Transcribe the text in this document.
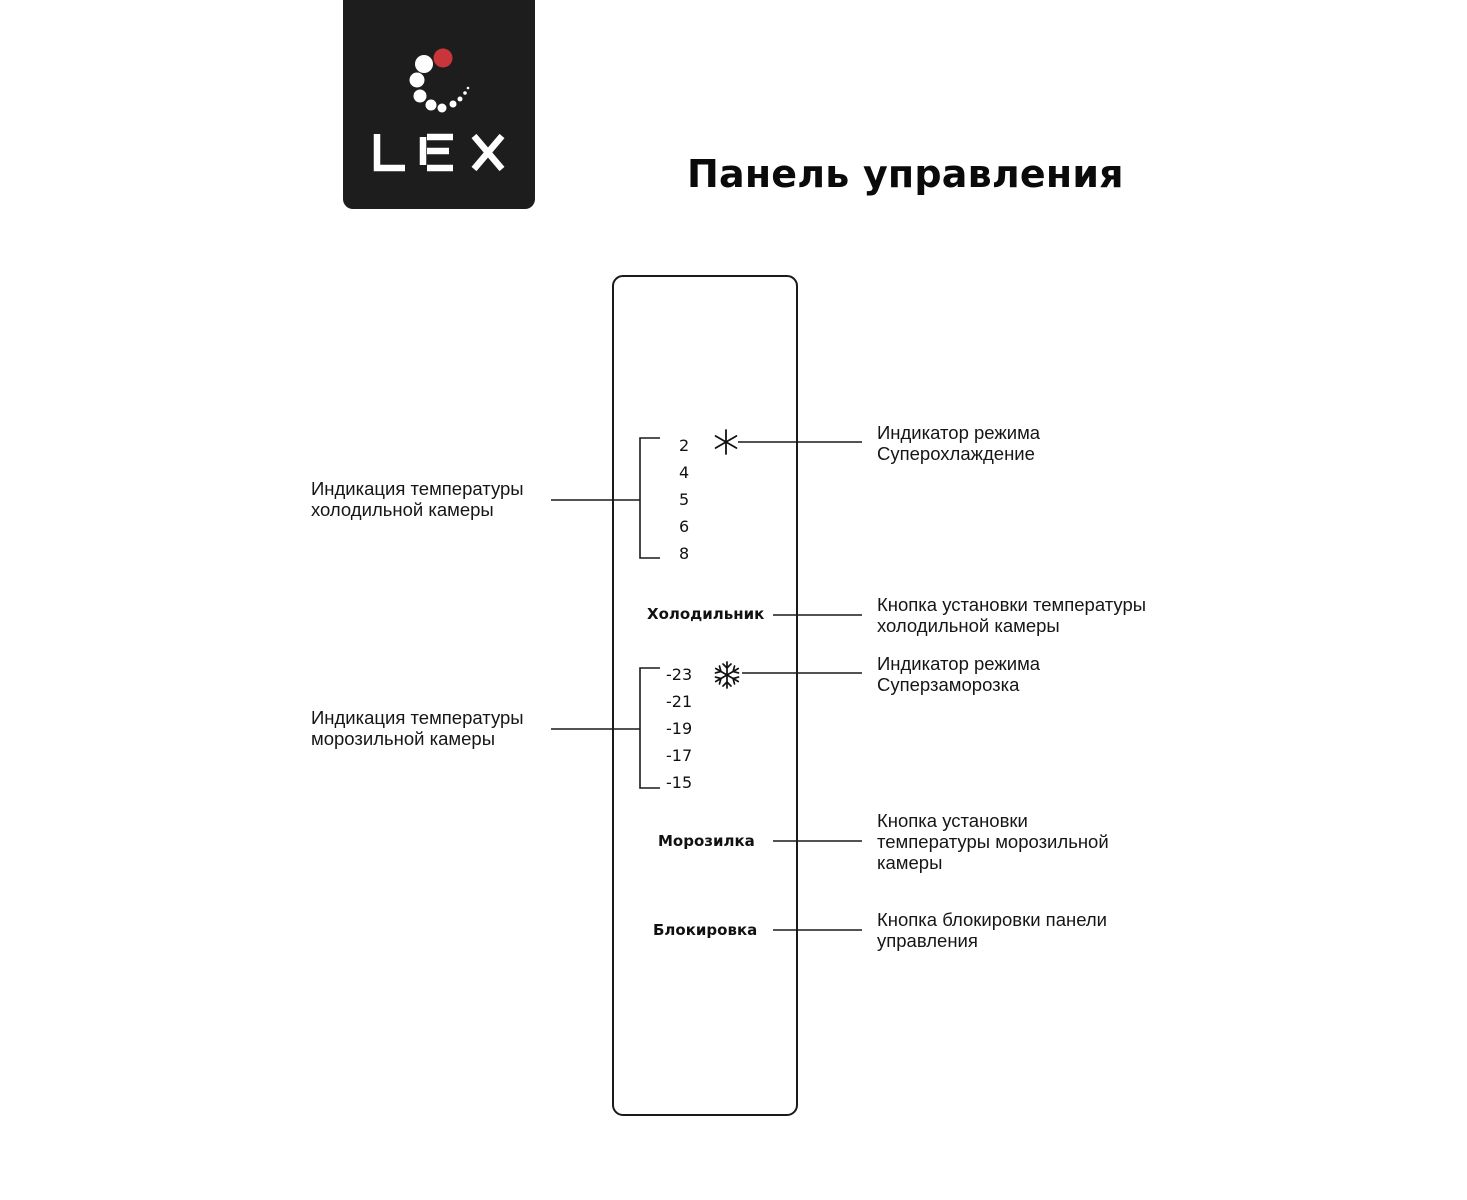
Панель управления
2
4
5
6
8
Холодильник
-23
-21
-19
-17
-15
Морозилка
Блокировка
Индикация температуры
холодильной камеры
Индикация температуры
морозильной камеры
Индикатор режима
Суперохлаждение
Кнопка установки температуры
холодильной камеры
Индикатор режима
Суперзаморозка
Кнопка установки
температуры морозильной
камеры
Кнопка блокировки панели
управления
